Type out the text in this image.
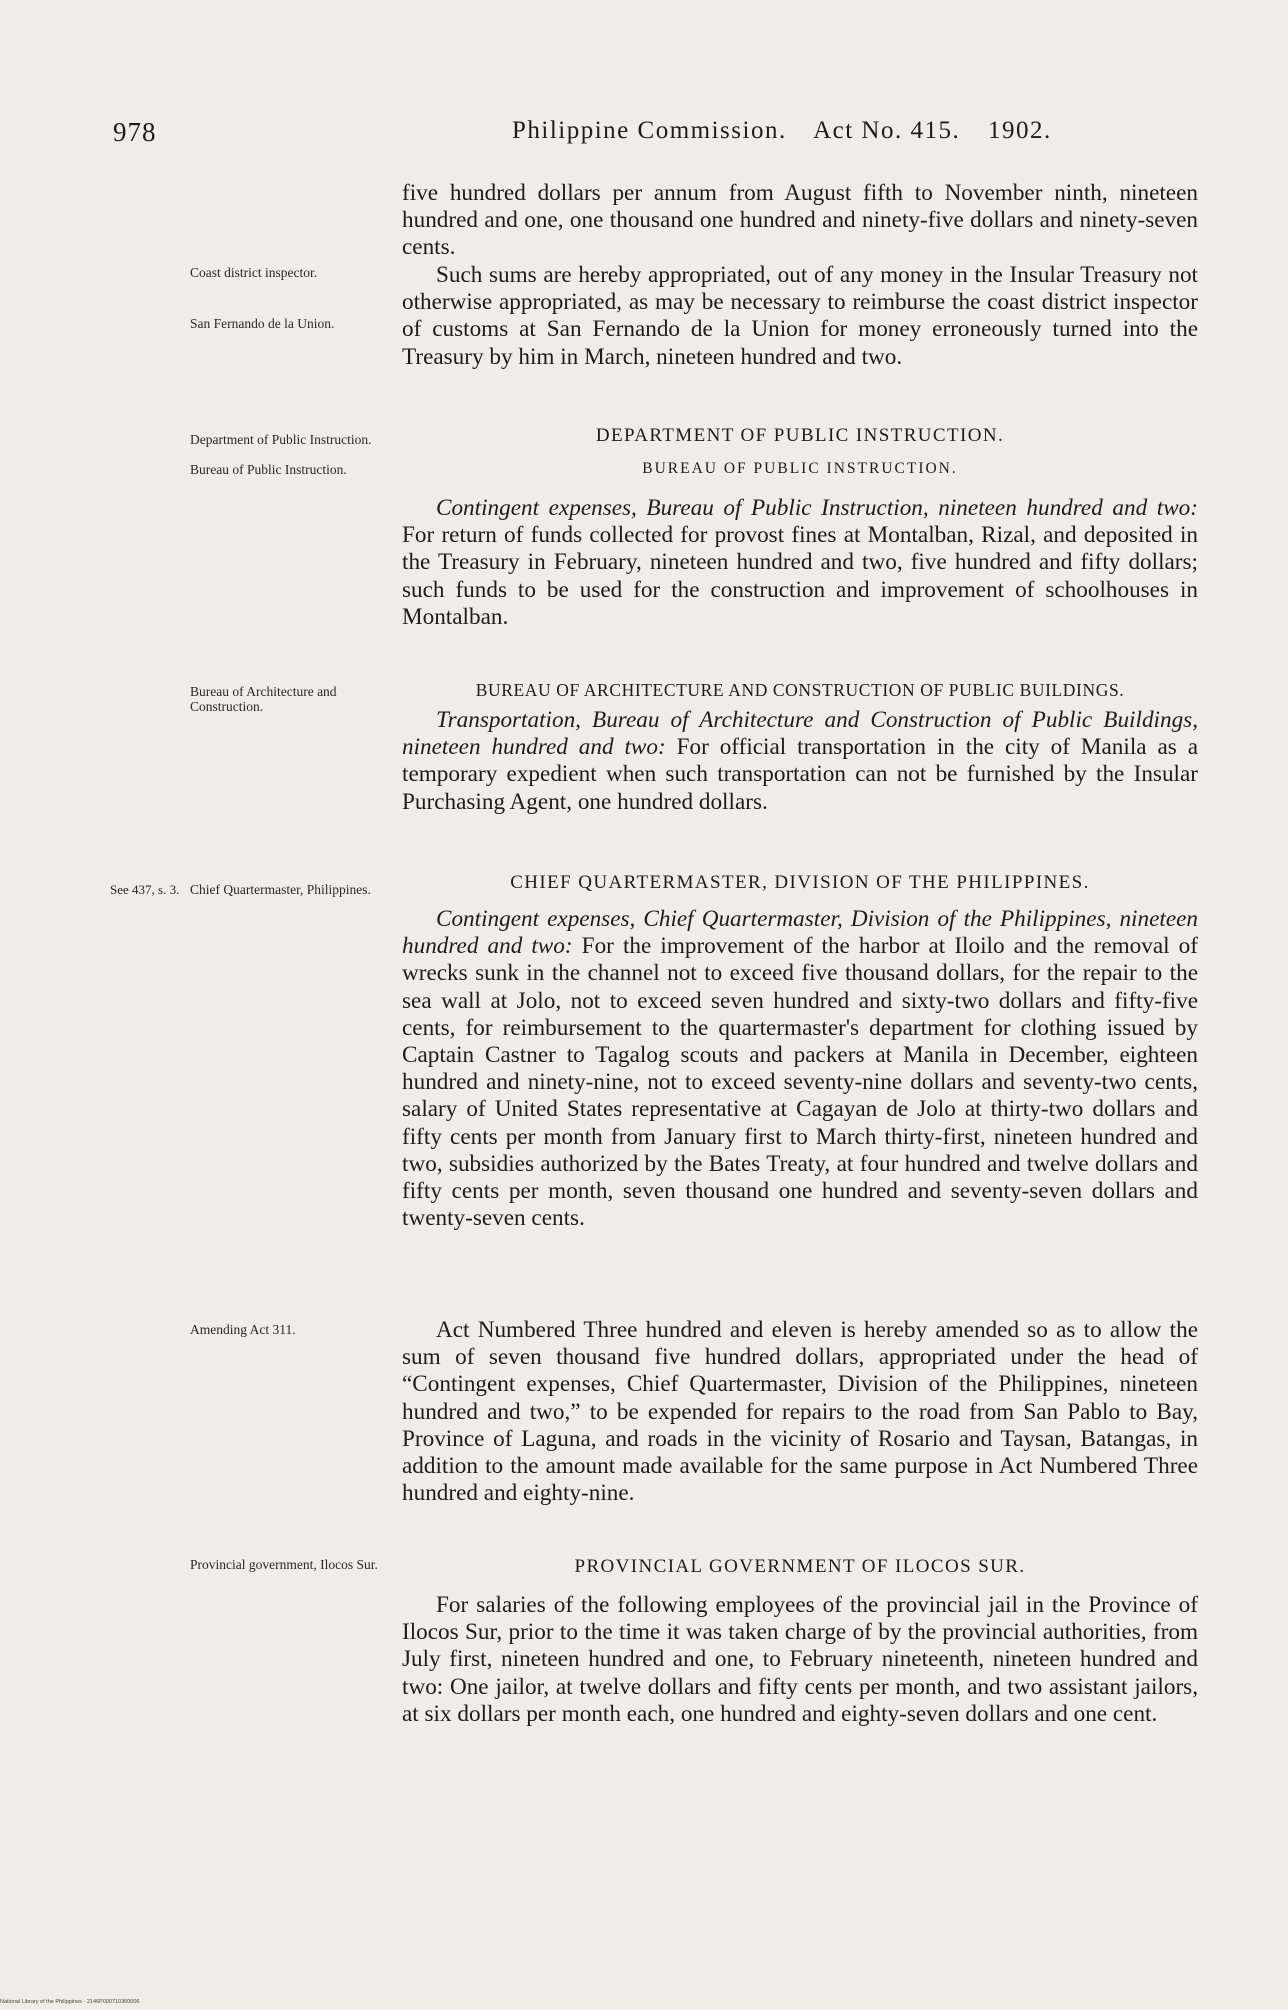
978	Philippine Commission. Act No. 415. 1902.

five hundred dollars per annum from August fifth to November ninth, nineteen hundred and one, one thousand one hundred and ninety-five dollars and ninety-seven cents.

Coast district inspector.
San Fernando de la Union.

Such sums are hereby appropriated, out of any money in the Insular Treasury not otherwise appropriated, as may be necessary to reimburse the coast district inspector of customs at San Fernando de la Union for money erroneously turned into the Treasury by him in March, nineteen hundred and two.

Department of Public Instruction.
Bureau of Public Instruction.
DEPARTMENT OF PUBLIC INSTRUCTION.
BUREAU OF PUBLIC INSTRUCTION.

Contingent expenses, Bureau of Public Instruction, nineteen hundred and two: For return of funds collected for provost fines at Montalban, Rizal, and deposited in the Treasury in February, nineteen hundred and two, five hundred and fifty dollars; such funds to be used for the construction and improvement of schoolhouses in Montalban.

Bureau of Architecture and Construction.
BUREAU OF ARCHITECTURE AND CONSTRUCTION OF PUBLIC BUILDINGS.

Transportation, Bureau of Architecture and Construction of Public Buildings, nineteen hundred and two: For official transportation in the city of Manila as a temporary expedient when such transportation can not be furnished by the Insular Purchasing Agent, one hundred dollars.

See 437, s. 3. Chief Quartermaster, Philippines.	CHIEF QUARTERMASTER, DIVISION OF THE PHILIPPINES.

Contingent expenses, Chief Quartermaster, Division of the Philippines, nineteen hundred and two: For the improvement of the harbor at Iloilo and the removal of wrecks sunk in the channel not to exceed five thousand dollars, for the repair to the sea wall at Jolo, not to exceed seven hundred and sixty-two dollars and fifty-five cents, for reimbursement to the quartermaster's department for clothing issued by Captain Castner to Tagalog scouts and packers at Manila in December, eighteen hundred and ninety-nine, not to exceed seventy-nine dollars and seventy-two cents, salary of United States representative at Cagayan de Jolo at thirty-two dollars and fifty cents per month from January first to March thirty-first, nineteen hundred and two, subsidies authorized by the Bates Treaty, at four hundred and twelve dollars and fifty cents per month, seven thousand one hundred and seventy-seven dollars and twenty-seven cents.

Amending Act 311.	Act Numbered Three hundred and eleven is hereby amended so as to allow the sum of seven thousand five hundred dollars, appropriated under the head of “Contingent expenses, Chief Quartermaster, Division of the Philippines, nineteen hundred and two,” to be expended for repairs to the road from San Pablo to Bay, Province of Laguna, and roads in the vicinity of Rosario and Taysan, Batangas, in addition to the amount made available for the same purpose in Act Numbered Three hundred and eighty-nine.

Provincial government, Ilocos Sur.	PROVINCIAL GOVERNMENT OF ILOCOS SUR.

For salaries of the following employees of the provincial jail in the Province of Ilocos Sur, prior to the time it was taken charge of by the provincial authorities, from July first, nineteen hundred and one, to February nineteenth, nineteen hundred and two: One jailor, at twelve dollars and fifty cents per month, and two assistant jailors, at six dollars per month each, one hundred and eighty-seven dollars and one cent.

National Library of the Philippines · 2146P000710360006
